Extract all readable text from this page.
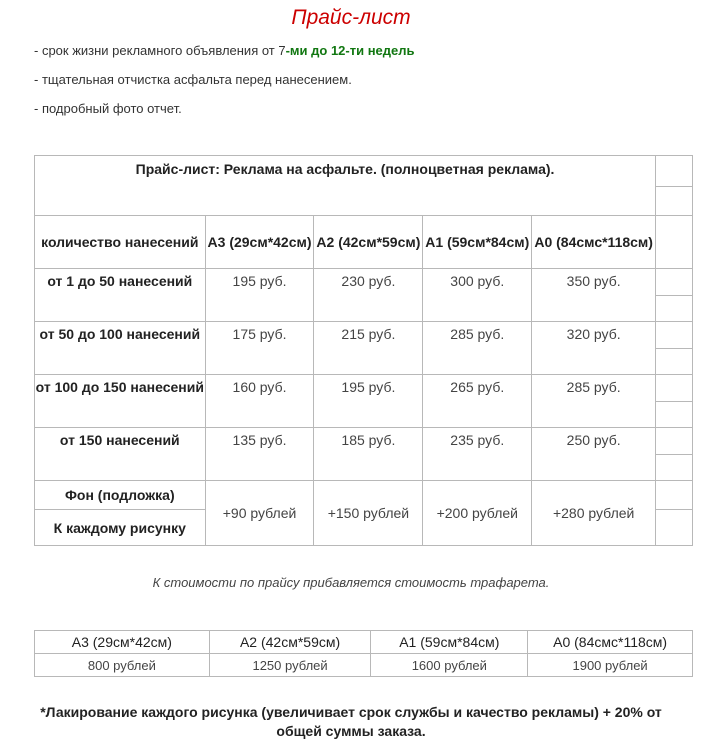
Прайс-лист
- срок жизни рекламного объявления от 7-ми до 12-ти недель
- тщательная отчистка асфальта перед нанесением.
- подробный фото отчет.
Прайс-лист: Реклама на асфальте. (полноцветная реклама).					

количество нанесений	А3 (29см*42см)	А2 (42см*59см)	А1 (59см*84см)	А0 (84смс*118см)	
от 1 до 50 нанесений	195 руб.	230 руб.	300 руб.	350 руб.	

от 50 до 100 нанесений	175 руб.	215 руб.	285 руб.	320 руб.	

от 100 до 150 нанесений	160 руб.	195 руб.	265 руб.	285 руб.	

от 150 нанесений	135 руб.	185 руб.	235 руб.	250 руб.	

Фон (подложка)	+90 рублей	+150 рублей	+200 рублей	+280 рублей	
К каждому рисунку					
К стоимости по прайсу прибавляется стоимость трафарета.
А3 (29см*42см)	А2 (42см*59см)	А1 (59см*84см)	А0 (84смс*118см)
800 рублей	1250 рублей	1600 рублей	1900 рублей
*Лакирование каждого рисунка (увеличивает срок службы и качество рекламы) + 20% от общей суммы заказа.
